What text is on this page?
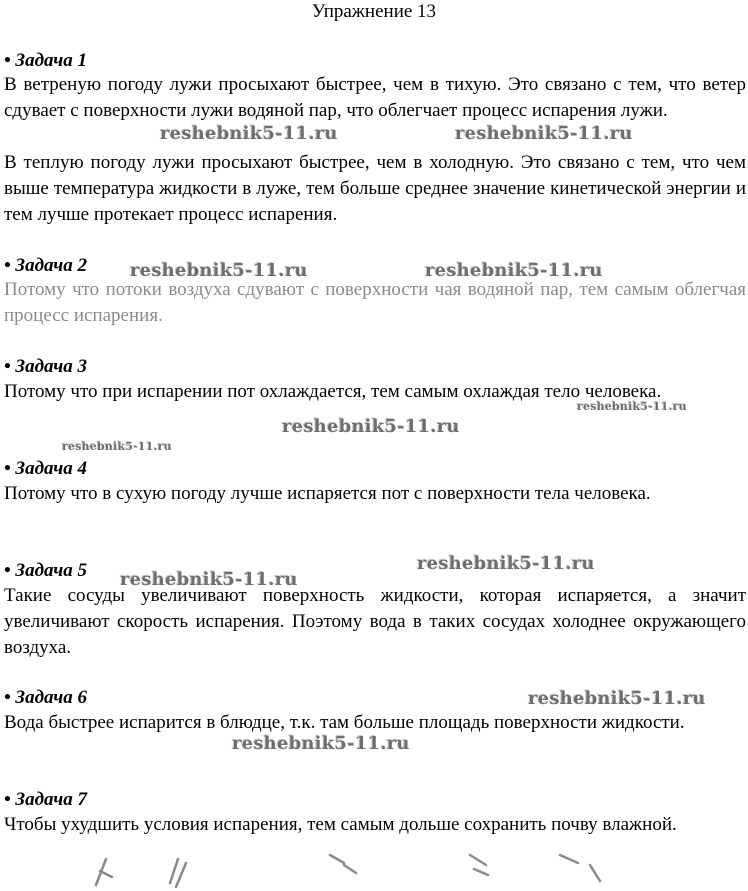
Упражнение 13
• Задача 1
В ветреную погоду лужи просыхают быстрее, чем в тихую. Это связано с тем, что ветер сдувает с поверхности лужи водяной пар, что облегчает процесс испарения лужи.
В теплую погоду лужи просыхают быстрее, чем в холодную. Это связано с тем, что чем выше температура жидкости в луже, тем больше среднее значение кинетической энергии и тем лучше протекает процесс испарения.
• Задача 2
Потому что потоки воздуха сдувают с поверхности чая водяной пар, тем самым облегчая процесс испарения.
• Задача 3
Потому что при испарении пот охлаждается, тем самым охлаждая тело человека.
• Задача 4
Потому что в сухую погоду лучше испаряется пот с поверхности тела человека.
• Задача 5
Такие сосуды увеличивают поверхность жидкости, которая испаряется, а значит увеличивают скорость испарения. Поэтому вода в таких сосудах холоднее окружающего воздуха.
• Задача 6
Вода быстрее испарится в блюдце, т.к. там больше площадь поверхности жидкости.
• Задача 7
Чтобы ухудшить условия испарения, тем самым дольше сохранить почву влажной.
reshebnik5-11.ru	reshebnik5-11.ru
reshebnik5-11.ru	reshebnik5-11.ru
reshebnik5-11.ru
reshebnik5-11.ru
reshebnik5-11.ru
reshebnik5-11.ru
reshebnik5-11.ru
reshebnik5-11.ru
reshebnik5-11.ru
